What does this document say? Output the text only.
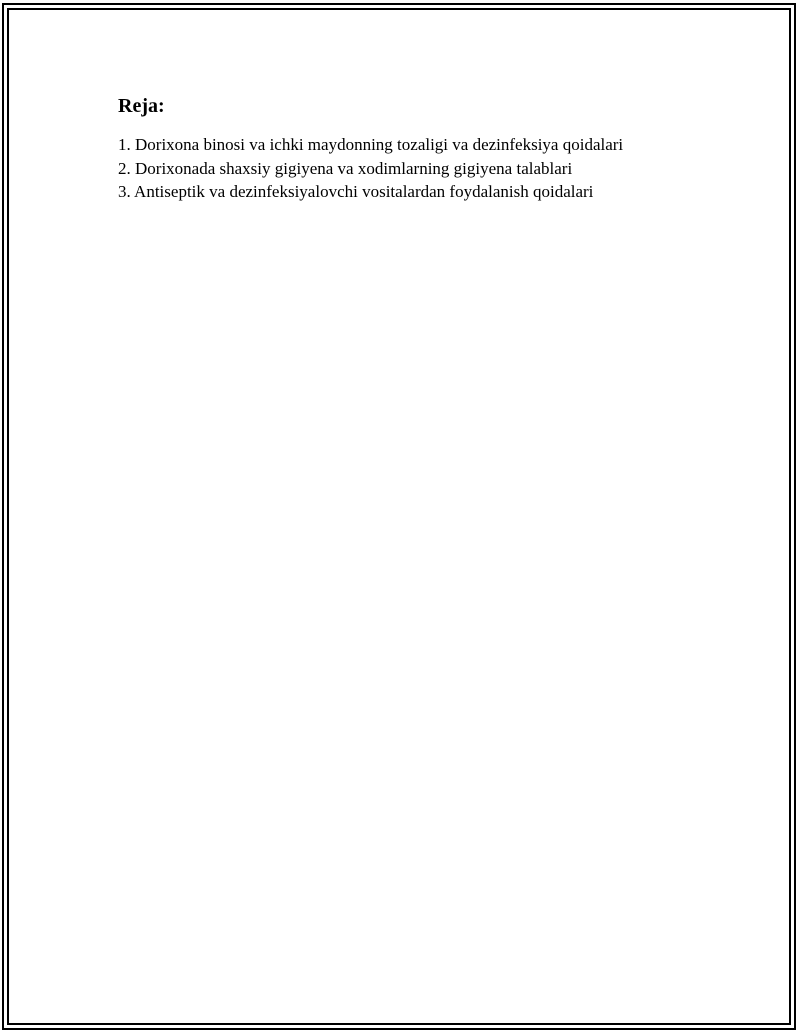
Reja:
1. Dorixona binosi va ichki maydonning tozaligi va dezinfeksiya qoidalari
2. Dorixonada shaxsiy gigiyena va xodimlarning gigiyena talablari
3. Antiseptik va dezinfeksiyalovchi vositalardan foydalanish qoidalari
